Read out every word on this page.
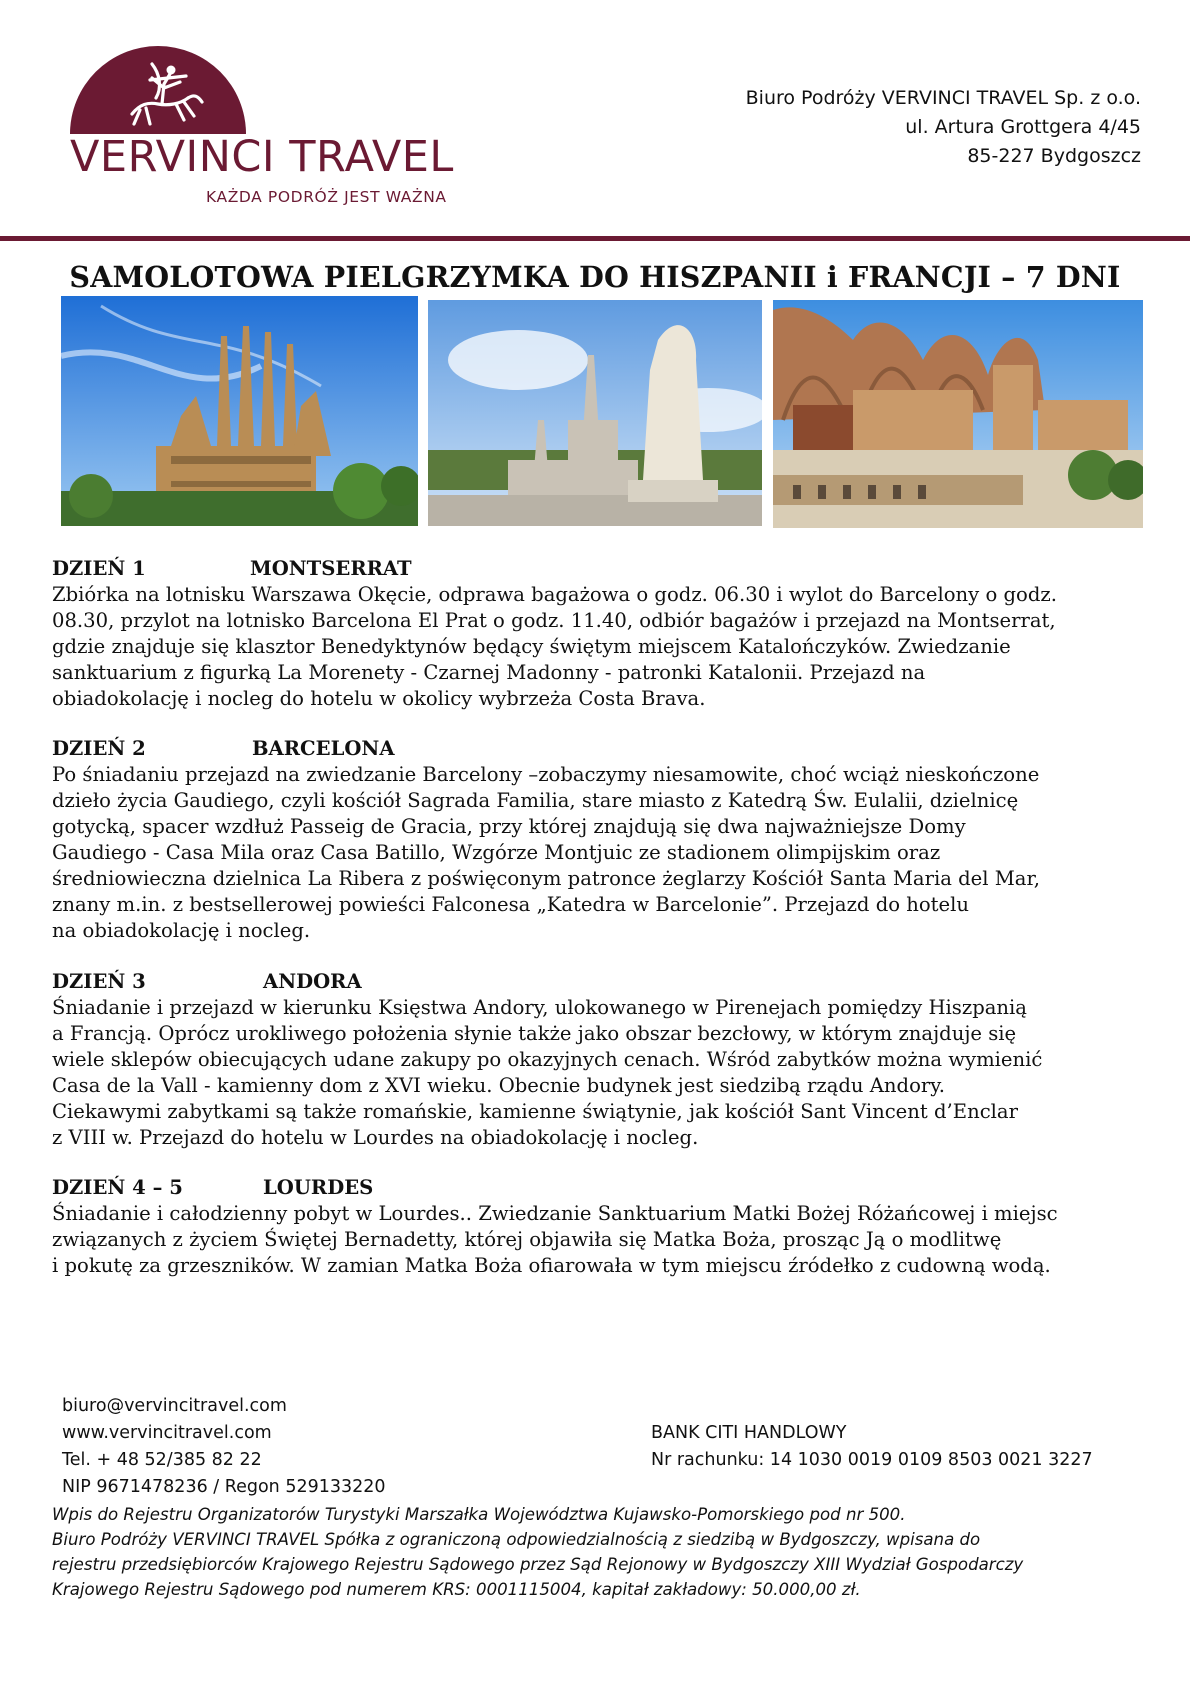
VERVINCI TRAVEL
KAŻDA PODRÓŻ JEST WAŻNA
Biuro Podróży VERVINCI TRAVEL Sp. z o.o.
ul. Artura Grottgera 4/45
85-227 Bydgoszcz
SAMOLOTOWA PIELGRZYMKA DO HISZPANII i FRANCJI – 7 DNI
DZIEŃ 1	MONTSERRAT
Zbiórka na lotnisku Warszawa Okęcie, odprawa bagażowa o godz. 06.30 i wylot do Barcelony o godz.
08.30, przylot na lotnisko Barcelona El Prat o godz. 11.40, odbiór bagażów i przejazd na Montserrat,
gdzie znajduje się klasztor Benedyktynów będący świętym miejscem Katalończyków. Zwiedzanie
sanktuarium z figurką La Morenety - Czarnej Madonny - patronki Katalonii. Przejazd na
obiadokolację i nocleg do hotelu w okolicy wybrzeża Costa Brava.
DZIEŃ 2	BARCELONA
Po śniadaniu przejazd na zwiedzanie Barcelony –zobaczymy niesamowite, choć wciąż nieskończone
dzieło życia Gaudiego, czyli kościół Sagrada Familia, stare miasto z Katedrą Św. Eulalii, dzielnicę
gotycką, spacer wzdłuż Passeig de Gracia, przy której znajdują się dwa najważniejsze Domy
Gaudiego - Casa Mila oraz Casa Batillo, Wzgórze Montjuic ze stadionem olimpijskim oraz
średniowieczna dzielnica La Ribera z poświęconym patronce żeglarzy Kościół Santa Maria del Mar,
znany m.in. z bestsellerowej powieści Falconesa „Katedra w Barcelonie”. Przejazd do hotelu
na obiadokolację i nocleg.
DZIEŃ 3	ANDORA
Śniadanie i przejazd w kierunku Księstwa Andory, ulokowanego w Pirenejach pomiędzy Hiszpanią
a Francją. Oprócz urokliwego położenia słynie także jako obszar bezcłowy, w którym znajduje się
wiele sklepów obiecujących udane zakupy po okazyjnych cenach. Wśród zabytków można wymienić
Casa de la Vall - kamienny dom z XVI wieku. Obecnie budynek jest siedzibą rządu Andory.
Ciekawymi zabytkami są także romańskie, kamienne świątynie, jak kościół Sant Vincent d’Enclar
z VIII w. Przejazd do hotelu w Lourdes na obiadokolację i nocleg.
DZIEŃ 4 – 5	LOURDES
Śniadanie i całodzienny pobyt w Lourdes.. Zwiedzanie Sanktuarium Matki Bożej Różańcowej i miejsc
związanych z życiem Świętej Bernadetty, której objawiła się Matka Boża, prosząc Ją o modlitwę
i pokutę za grzeszników. W zamian Matka Boża ofiarowała w tym miejscu źródełko z cudowną wodą.
biuro@vervincitravel.com
www.vervincitravel.com
Tel. + 48 52/385 82 22
NIP 9671478236 / Regon 529133220
BANK CITI HANDLOWY
Nr rachunku: 14 1030 0019 0109 8503 0021 3227
Wpis do Rejestru Organizatorów Turystyki Marszałka Województwa Kujawsko-Pomorskiego pod nr 500.
Biuro Podróży VERVINCI TRAVEL Spółka z ograniczoną odpowiedzialnością z siedzibą w Bydgoszczy, wpisana do
rejestru przedsiębiorców Krajowego Rejestru Sądowego przez Sąd Rejonowy w Bydgoszczy XIII Wydział Gospodarczy
Krajowego Rejestru Sądowego pod numerem KRS: 0001115004, kapitał zakładowy: 50.000,00 zł.
